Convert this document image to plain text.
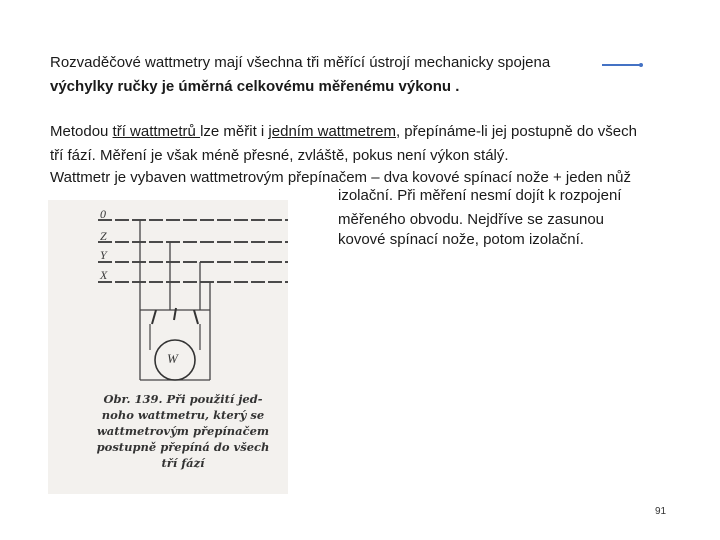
Rozvaděčové wattmetry mají všechna tři měřící ústrojí mechanicky spojena
výchylky ručky je úměrná celkovému měřenému výkonu .
Metodou tří wattmetrů lze měřit i jedním wattmetrem, přepínáme-li jej postupně do všech
tří fází. Měření je však méně přesné, zvláště, pokus není výkon stálý.
Wattmetr je vybaven wattmetrovým přepínačem – dva kovové spínací nože + jeden nůž
izolační. Při měření nesmí dojít k rozpojení
měřeného obvodu. Nejdříve se zasunou
kovové spínací nože, potom izolační.
0
Z
Y
X
W
Obr. 139. Při použití jed-
noho wattmetru, který se
wattmetrovým přepínačem
postupně přepíná do všech
tří fází
91
